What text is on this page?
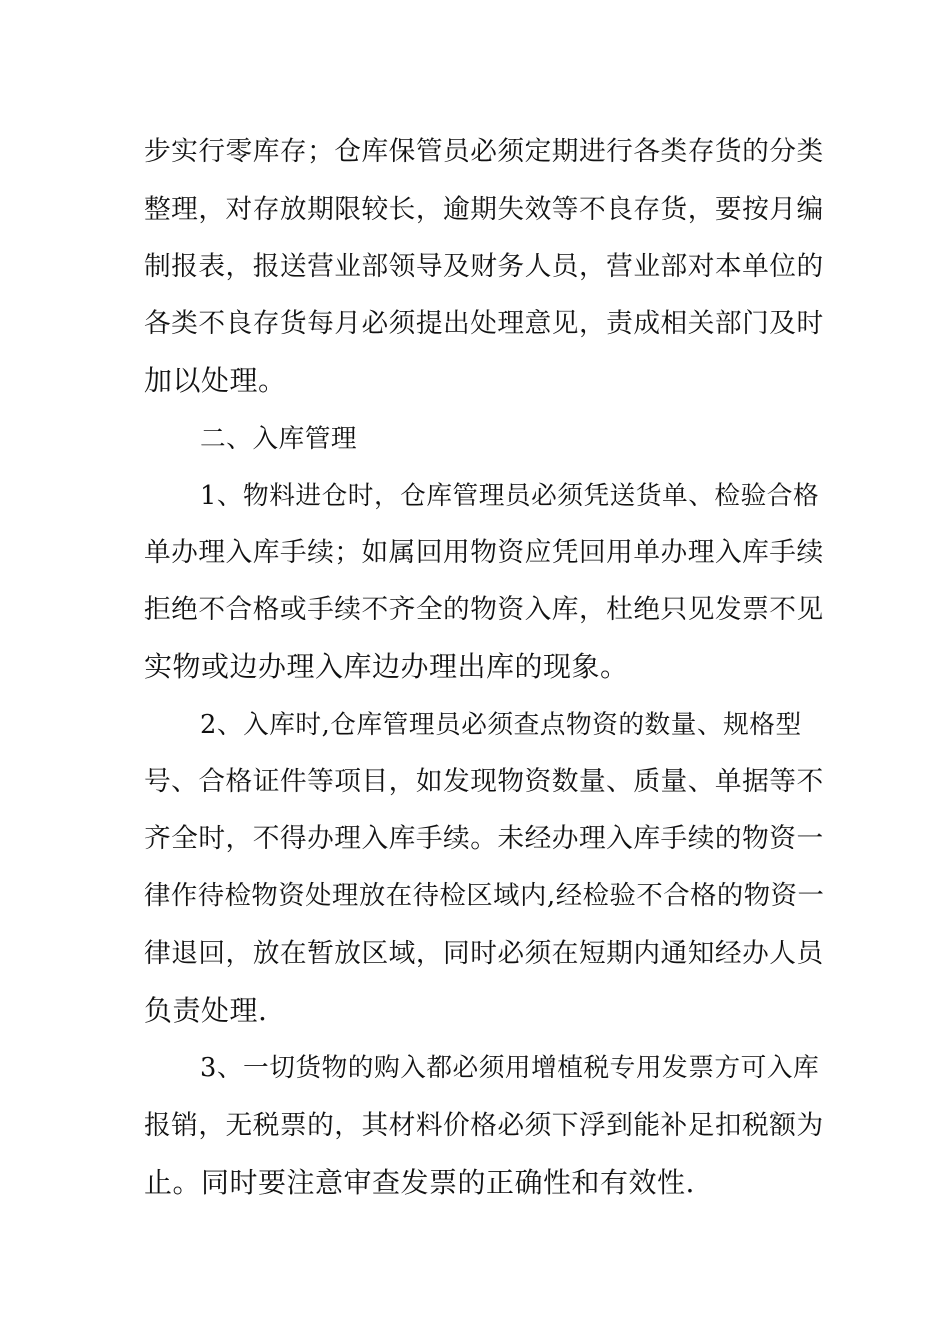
步实行零库存；仓库保管员必须定期进行各类存货的分类
整理，对存放期限较长，逾期失效等不良存货，要按月编
制报表，报送营业部领导及财务人员，营业部对本单位的
各类不良存货每月必须提出处理意见，责成相关部门及时
加以处理。
二、入库管理
1、物料进仓时，仓库管理员必须凭送货单、检验合格
单办理入库手续；如属回用物资应凭回用单办理入库手续
拒绝不合格或手续不齐全的物资入库，杜绝只见发票不见
实物或边办理入库边办理出库的现象。
2、入库时,仓库管理员必须查点物资的数量、规格型
号、合格证件等项目，如发现物资数量、质量、单据等不
齐全时，不得办理入库手续。未经办理入库手续的物资一
律作待检物资处理放在待检区域内,经检验不合格的物资一
律退回，放在暂放区域，同时必须在短期内通知经办人员
负责处理.
3、一切货物的购入都必须用增植税专用发票方可入库
报销，无税票的，其材料价格必须下浮到能补足扣税额为
止。同时要注意审查发票的正确性和有效性.
